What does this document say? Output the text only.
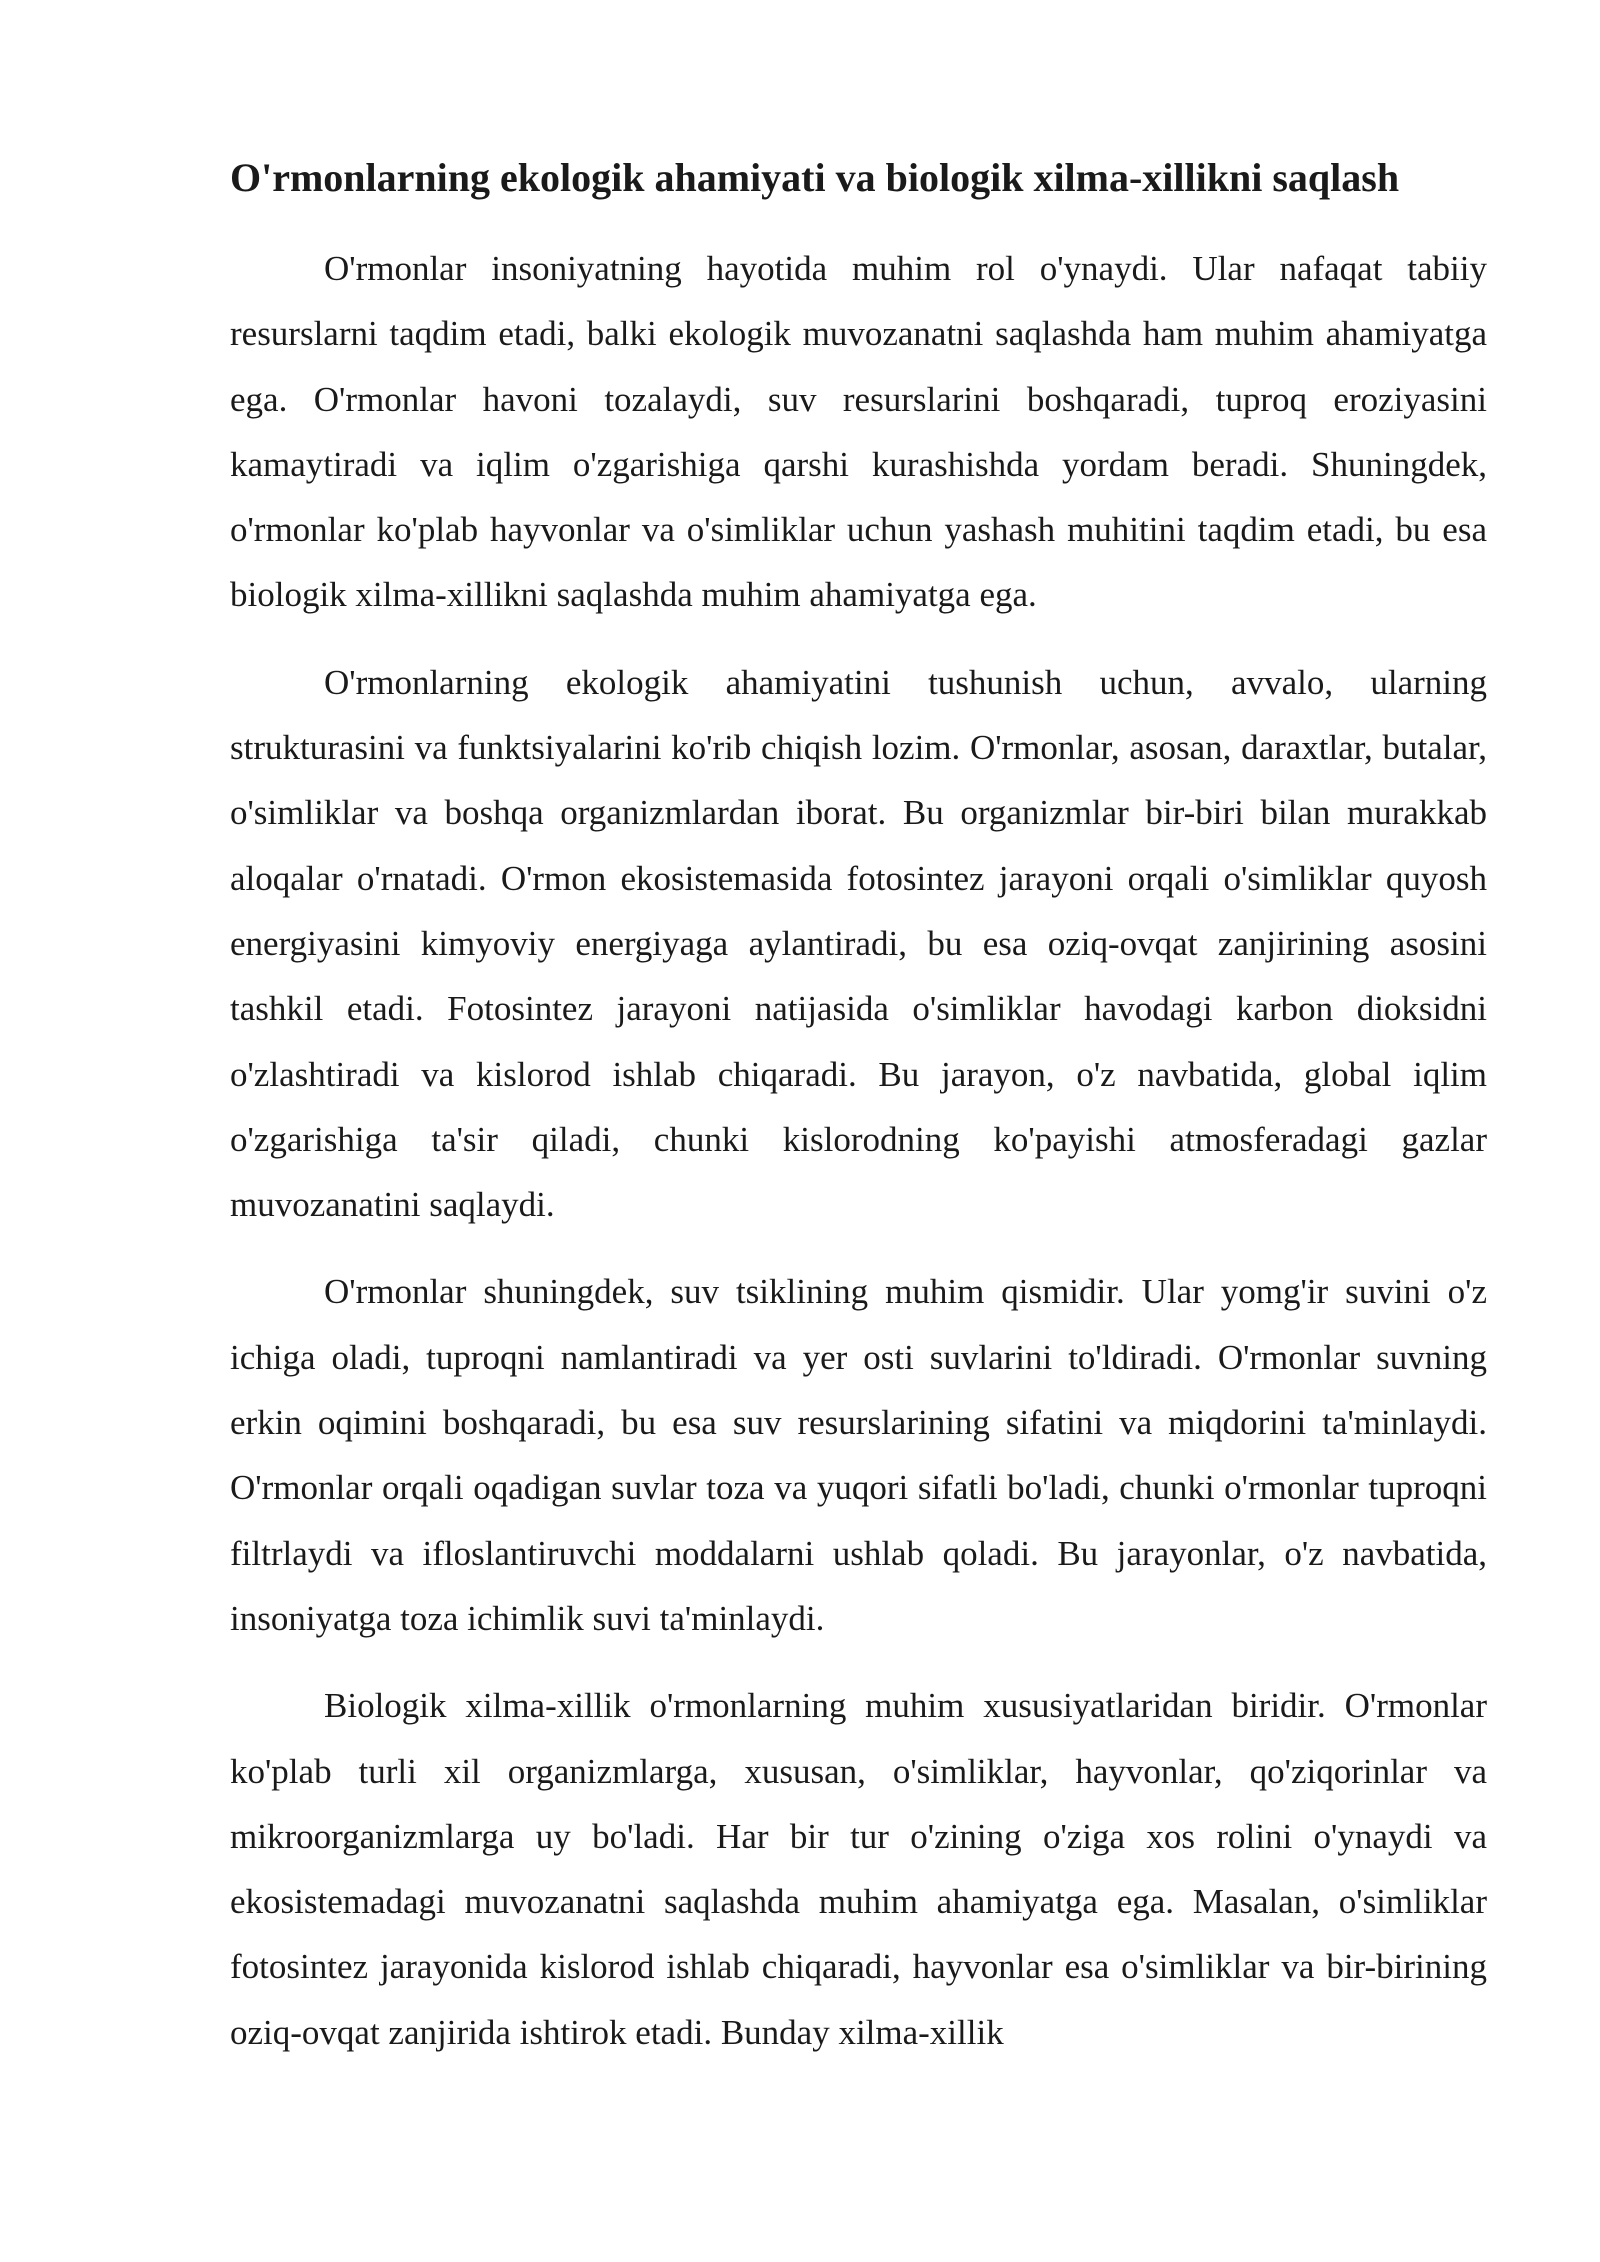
O'rmonlarning ekologik ahamiyati va biologik xilma-xillikni saqlash

O'rmonlar insoniyatning hayotida muhim rol o'ynaydi. Ular nafaqat tabiiy resurslarni taqdim etadi, balki ekologik muvozanatni saqlashda ham muhim ahamiyatga ega. O'rmonlar havoni tozalaydi, suv resurslarini boshqaradi, tuproq eroziyasini kamaytiradi va iqlim o'zgarishiga qarshi kurashishda yordam beradi. Shuningdek, o'rmonlar ko'plab hayvonlar va o'simliklar uchun yashash muhitini taqdim etadi, bu esa biologik xilma-xillikni saqlashda muhim ahamiyatga ega.

O'rmonlarning ekologik ahamiyatini tushunish uchun, avvalo, ularning strukturasini va funktsiyalarini ko'rib chiqish lozim. O'rmonlar, asosan, daraxtlar, butalar, o'simliklar va boshqa organizmlardan iborat. Bu organizmlar bir-biri bilan murakkab aloqalar o'rnatadi. O'rmon ekosistemasida fotosintez jarayoni orqali o'simliklar quyosh energiyasini kimyoviy energiyaga aylantiradi, bu esa oziq-ovqat zanjirining asosini tashkil etadi. Fotosintez jarayoni natijasida o'simliklar havodagi karbon dioksidni o'zlashtiradi va kislorod ishlab chiqaradi. Bu jarayon, o'z navbatida, global iqlim o'zgarishiga ta'sir qiladi, chunki kislorodning ko'payishi atmosferadagi gazlar muvozanatini saqlaydi.

O'rmonlar shuningdek, suv tsiklining muhim qismidir. Ular yomg'ir suvini o'z ichiga oladi, tuproqni namlantiradi va yer osti suvlarini to'ldiradi. O'rmonlar suvning erkin oqimini boshqaradi, bu esa suv resurslarining sifatini va miqdorini ta'minlaydi. O'rmonlar orqali oqadigan suvlar toza va yuqori sifatli bo'ladi, chunki o'rmonlar tuproqni filtrlaydi va ifloslantiruvchi moddalarni ushlab qoladi. Bu jarayonlar, o'z navbatida, insoniyatga toza ichimlik suvi ta'minlaydi.

Biologik xilma-xillik o'rmonlarning muhim xususiyatlaridan biridir. O'rmonlar ko'plab turli xil organizmlarga, xususan, o'simliklar, hayvonlar, qo'ziqorinlar va mikroorganizmlarga uy bo'ladi. Har bir tur o'zining o'ziga xos rolini o'ynaydi va ekosistemadagi muvozanatni saqlashda muhim ahamiyatga ega. Masalan, o'simliklar fotosintez jarayonida kislorod ishlab chiqaradi, hayvonlar esa o'simliklar va bir-birining oziq-ovqat zanjirida ishtirok etadi. Bunday xilma-xillik
